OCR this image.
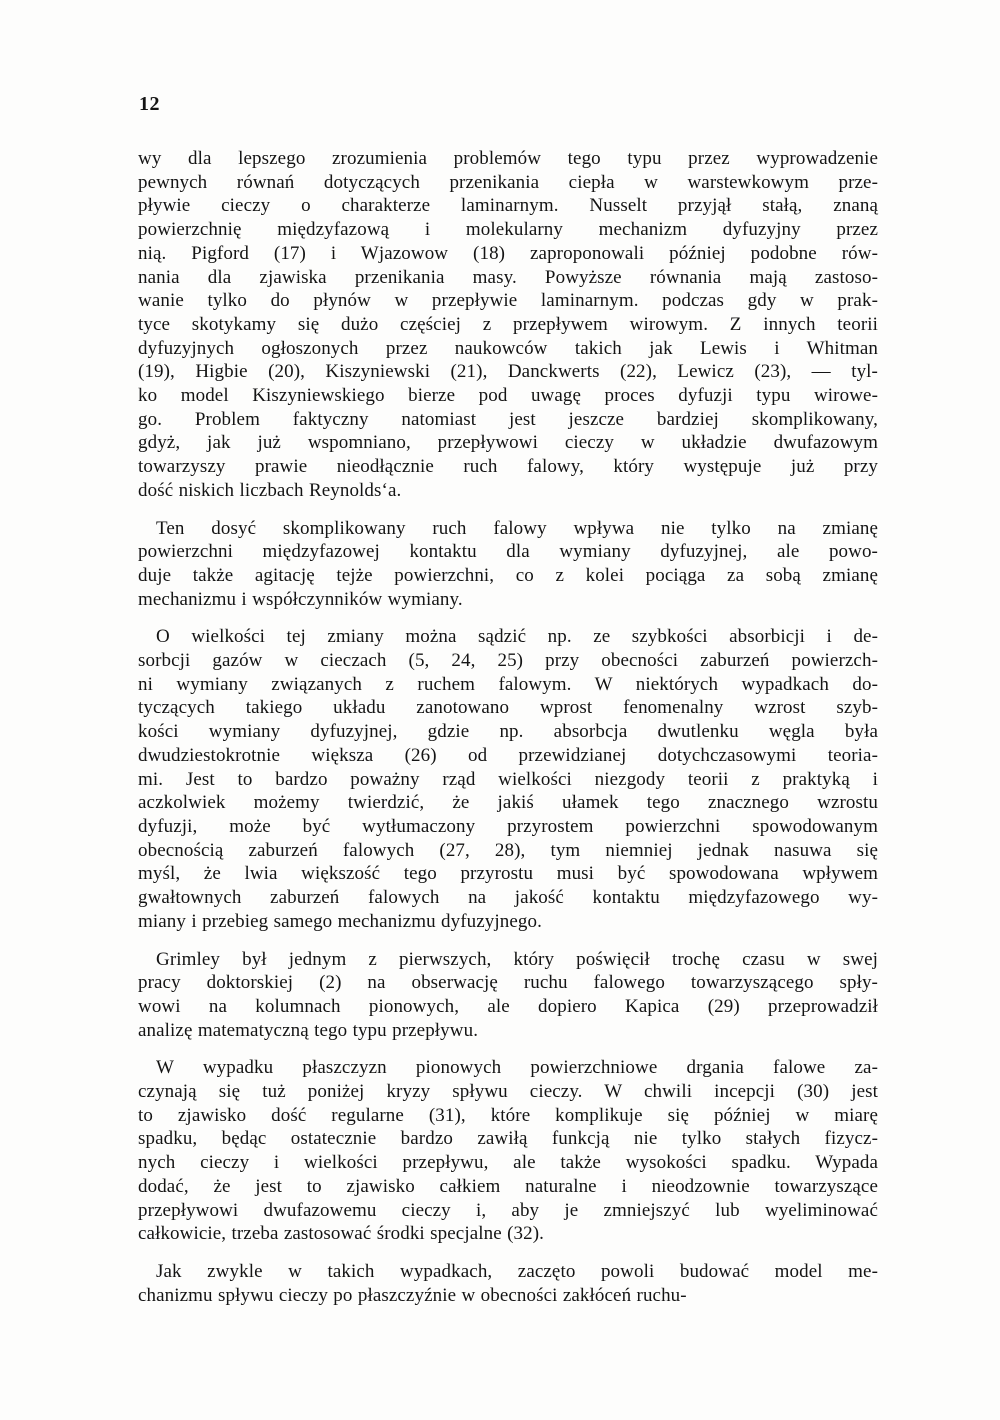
12
wy dla lepszego zrozumienia problemów tego typu przez wyprowadzenie
pewnych równań dotyczących przenikania ciepła w warstewkowym prze-
pływie cieczy o charakterze laminarnym. Nusselt przyjął stałą, znaną
powierzchnię międzyfazową i molekularny mechanizm dyfuzyjny przez
nią. Pigford (17) i Wjazowow (18) zaproponowali później podobne rów-
nania dla zjawiska przenikania masy. Powyższe równania mają zastoso-
wanie tylko do płynów w przepływie laminarnym. podczas gdy w prak-
tyce skotykamy się dużo częściej z przepływem wirowym. Z innych teorii
dyfuzyjnych ogłoszonych przez naukowców takich jak Lewis i Whitman
(19), Higbie (20), Kiszyniewski (21), Danckwerts (22), Lewicz (23), — tyl-
ko model Kiszyniewskiego bierze pod uwagę proces dyfuzji typu wirowe-
go. Problem faktyczny natomiast jest jeszcze bardziej skomplikowany,
gdyż, jak już wspomniano, przepływowi cieczy w układzie dwufazowym
towarzyszy prawie nieodłącznie ruch falowy, który występuje już przy
dość niskich liczbach Reynolds‘a.
Ten dosyć skomplikowany ruch falowy wpływa nie tylko na zmianę
powierzchni międzyfazowej kontaktu dla wymiany dyfuzyjnej, ale powo-
duje także agitację tejże powierzchni, co z kolei pociąga za sobą zmianę
mechanizmu i współczynników wymiany.
O wielkości tej zmiany można sądzić np. ze szybkości absorbicji i de-
sorbcji gazów w cieczach (5, 24, 25) przy obecności zaburzeń powierzch-
ni wymiany związanych z ruchem falowym. W niektórych wypadkach do-
tyczących takiego układu zanotowano wprost fenomenalny wzrost szyb-
kości wymiany dyfuzyjnej, gdzie np. absorbcja dwutlenku węgla była
dwudziestokrotnie większa (26) od przewidzianej dotychczasowymi teoria-
mi. Jest to bardzo poważny rząd wielkości niezgody teorii z praktyką i
aczkolwiek możemy twierdzić, że jakiś ułamek tego znacznego wzrostu
dyfuzji, może być wytłumaczony przyrostem powierzchni spowodowanym
obecnością zaburzeń falowych (27, 28), tym niemniej jednak nasuwa się
myśl, że lwia większość tego przyrostu musi być spowodowana wpływem
gwałtownych zaburzeń falowych na jakość kontaktu międzyfazowego wy-
miany i przebieg samego mechanizmu dyfuzyjnego.
Grimley był jednym z pierwszych, który poświęcił trochę czasu w swej
pracy doktorskiej (2) na obserwację ruchu falowego towarzyszącego spły-
wowi na kolumnach pionowych, ale dopiero Kapica (29) przeprowadził
analizę matematyczną tego typu przepływu.
W wypadku płaszczyzn pionowych powierzchniowe drgania falowe za-
czynają się tuż poniżej kryzy spływu cieczy. W chwili incepcji (30) jest
to zjawisko dość regularne (31), które komplikuje się później w miarę
spadku, będąc ostatecznie bardzo zawiłą funkcją nie tylko stałych fizycz-
nych cieczy i wielkości przepływu, ale także wysokości spadku. Wypada
dodać, że jest to zjawisko całkiem naturalne i nieodzownie towarzyszące
przepływowi dwufazowemu cieczy i, aby je zmniejszyć lub wyeliminować
całkowicie, trzeba zastosować środki specjalne (32).
Jak zwykle w takich wypadkach, zaczęto powoli budować model me-
chanizmu spływu cieczy po płaszczyźnie w obecności zakłóceń ruchu-
